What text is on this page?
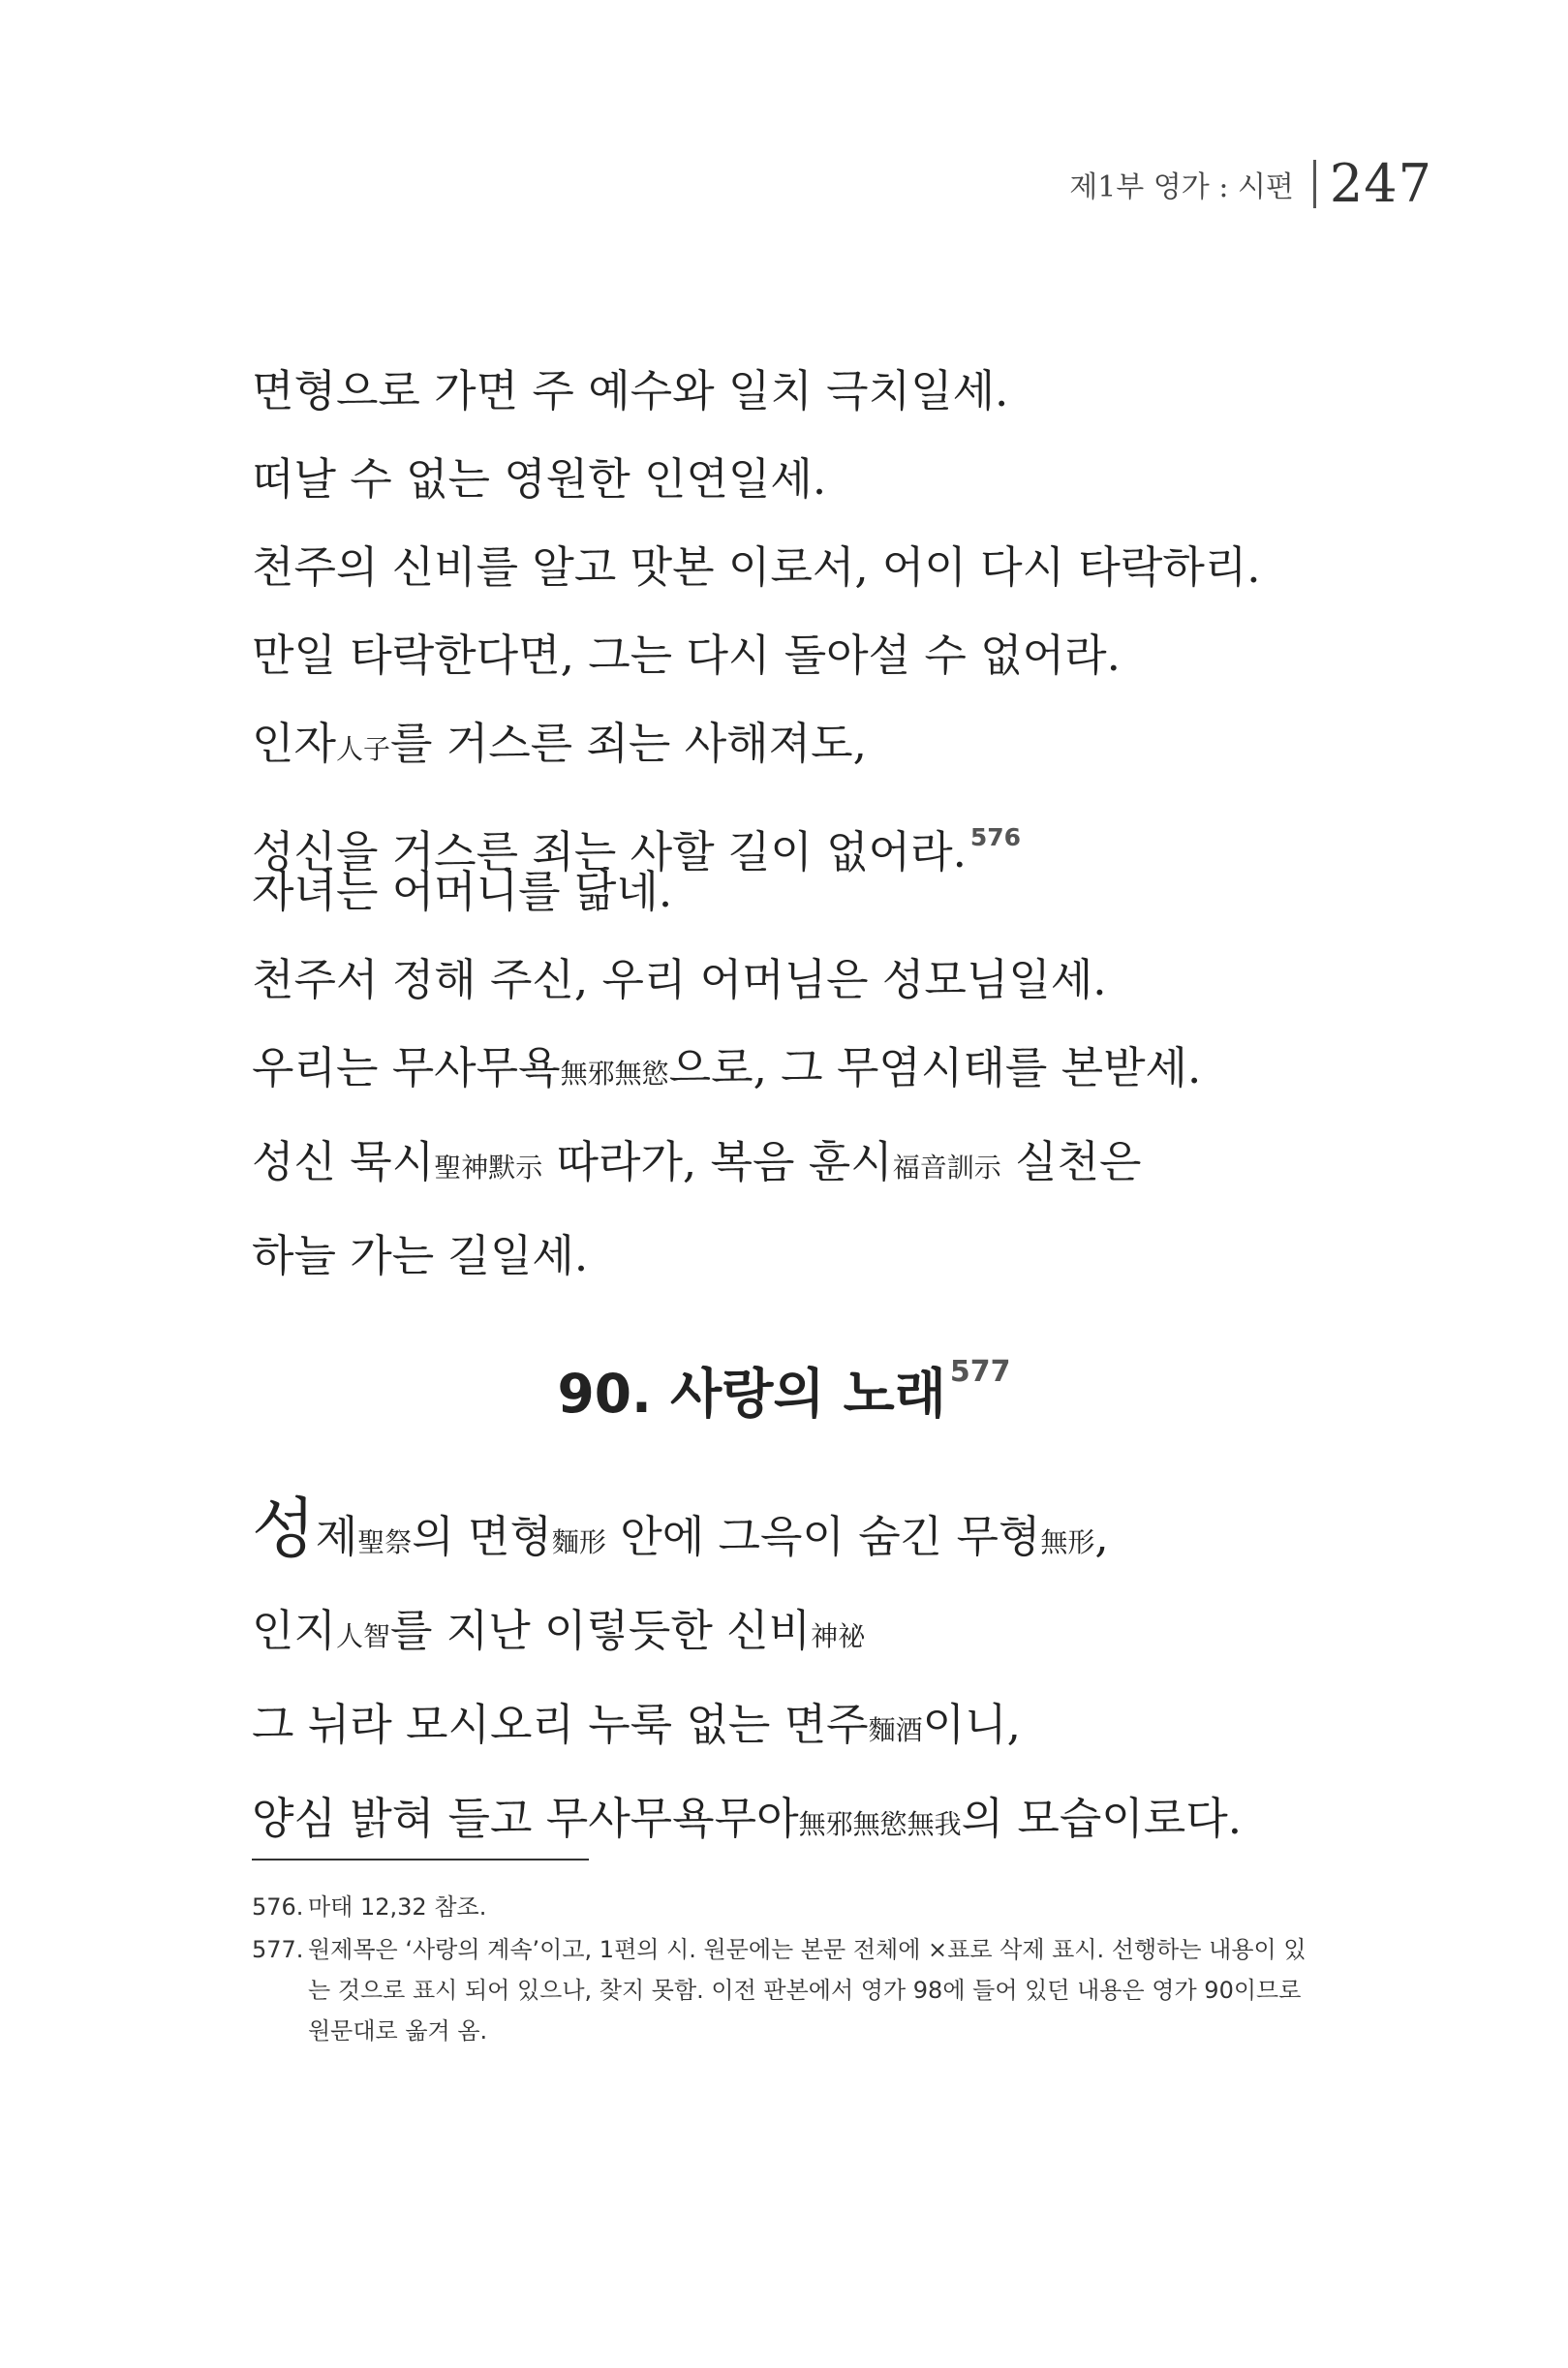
제1부 영가 : 시편 247
면형으로 가면 주 예수와 일치 극치일세.
떠날 수 없는 영원한 인연일세.
천주의 신비를 알고 맛본 이로서, 어이 다시 타락하리.
만일 타락한다면, 그는 다시 돌아설 수 없어라.
인자人子를 거스른 죄는 사해져도,
성신을 거스른 죄는 사할 길이 없어라. $^{576}$
자녀는 어머니를 닮네.
천주서 정해 주신, 우리 어머님은 성모님일세.
우리는 무사무욕無邪無慾으로, 그 무염시태를 본받세.
성신 묵시聖神默示 따라가, 복음 훈시福音訓示 실천은
하늘 가는 길일세.
90. 사랑의 노래 $^{577}$
성제聖祭의 면형麵形 안에 그윽이 숨긴 무형無形,
인지人智를 지난 이렇듯한 신비神祕
그 뉘라 모시오리 누룩 없는 면주麵酒이니,
양심 밝혀 들고 무사무욕무아無邪無慾無我의 모습이로다.
576. 마태 12,32 참조.
577. 원제목은 ‘사랑의 계속’이고, 1편의 시. 원문에는 본문 전체에 ×표로 삭제 표시. 선행하는 내용이 있는 것으로 표시 되어 있으나, 찾지 못함. 이전 판본에서 영가 98에 들어 있던 내용은 영가 90이므로 원문대로 옮겨 옴.
